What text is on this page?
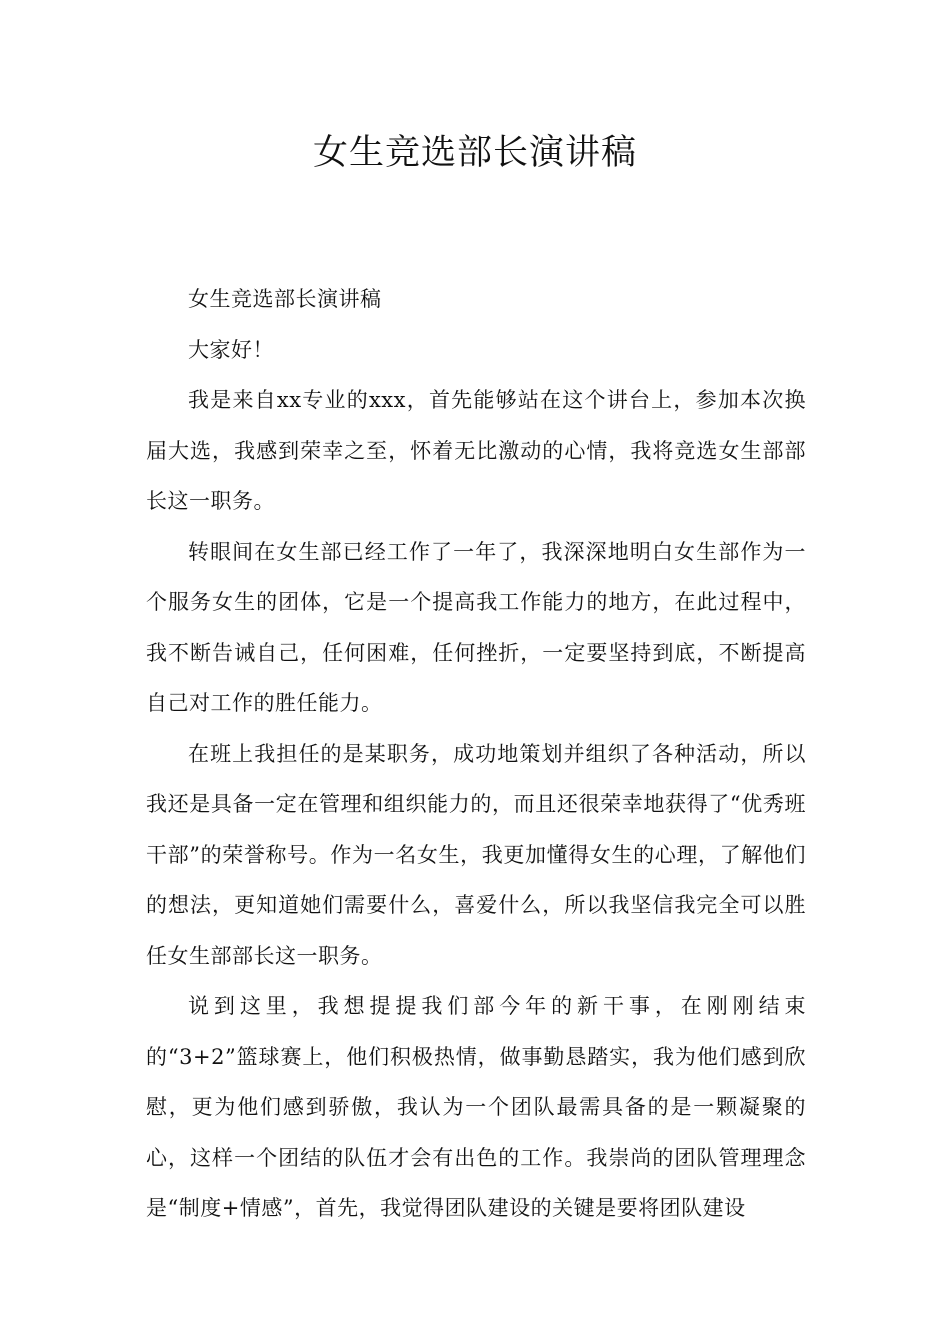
女生竞选部长演讲稿

女生竞选部长演讲稿

大家好！

我是来自xx专业的xxx，首先能够站在这个讲台上，参加本次换届大选，我感到荣幸之至，怀着无比激动的心情，我将竞选女生部部长这一职务。

转眼间在女生部已经工作了一年了，我深深地明白女生部作为一个服务女生的团体，它是一个提高我工作能力的地方，在此过程中，我不断告诫自己，任何困难，任何挫折，一定要坚持到底，不断提高自己对工作的胜任能力。

在班上我担任的是某职务，成功地策划并组织了各种活动，所以我还是具备一定在管理和组织能力的，而且还很荣幸地获得了“优秀班干部”的荣誉称号。作为一名女生，我更加懂得女生的心理，了解他们的想法，更知道她们需要什么，喜爱什么，所以我坚信我完全可以胜任女生部部长这一职务。

说到这里，我想提提我们部今年的新干事，在刚刚结束的“3+2”篮球赛上，他们积极热情，做事勤恳踏实，我为他们感到欣慰，更为他们感到骄傲，我认为一个团队最需具备的是一颗凝聚的心，这样一个团结的队伍才会有出色的工作。我崇尚的团队管理理念是“制度+情感”，首先，我觉得团队建设的关键是要将团队建设
